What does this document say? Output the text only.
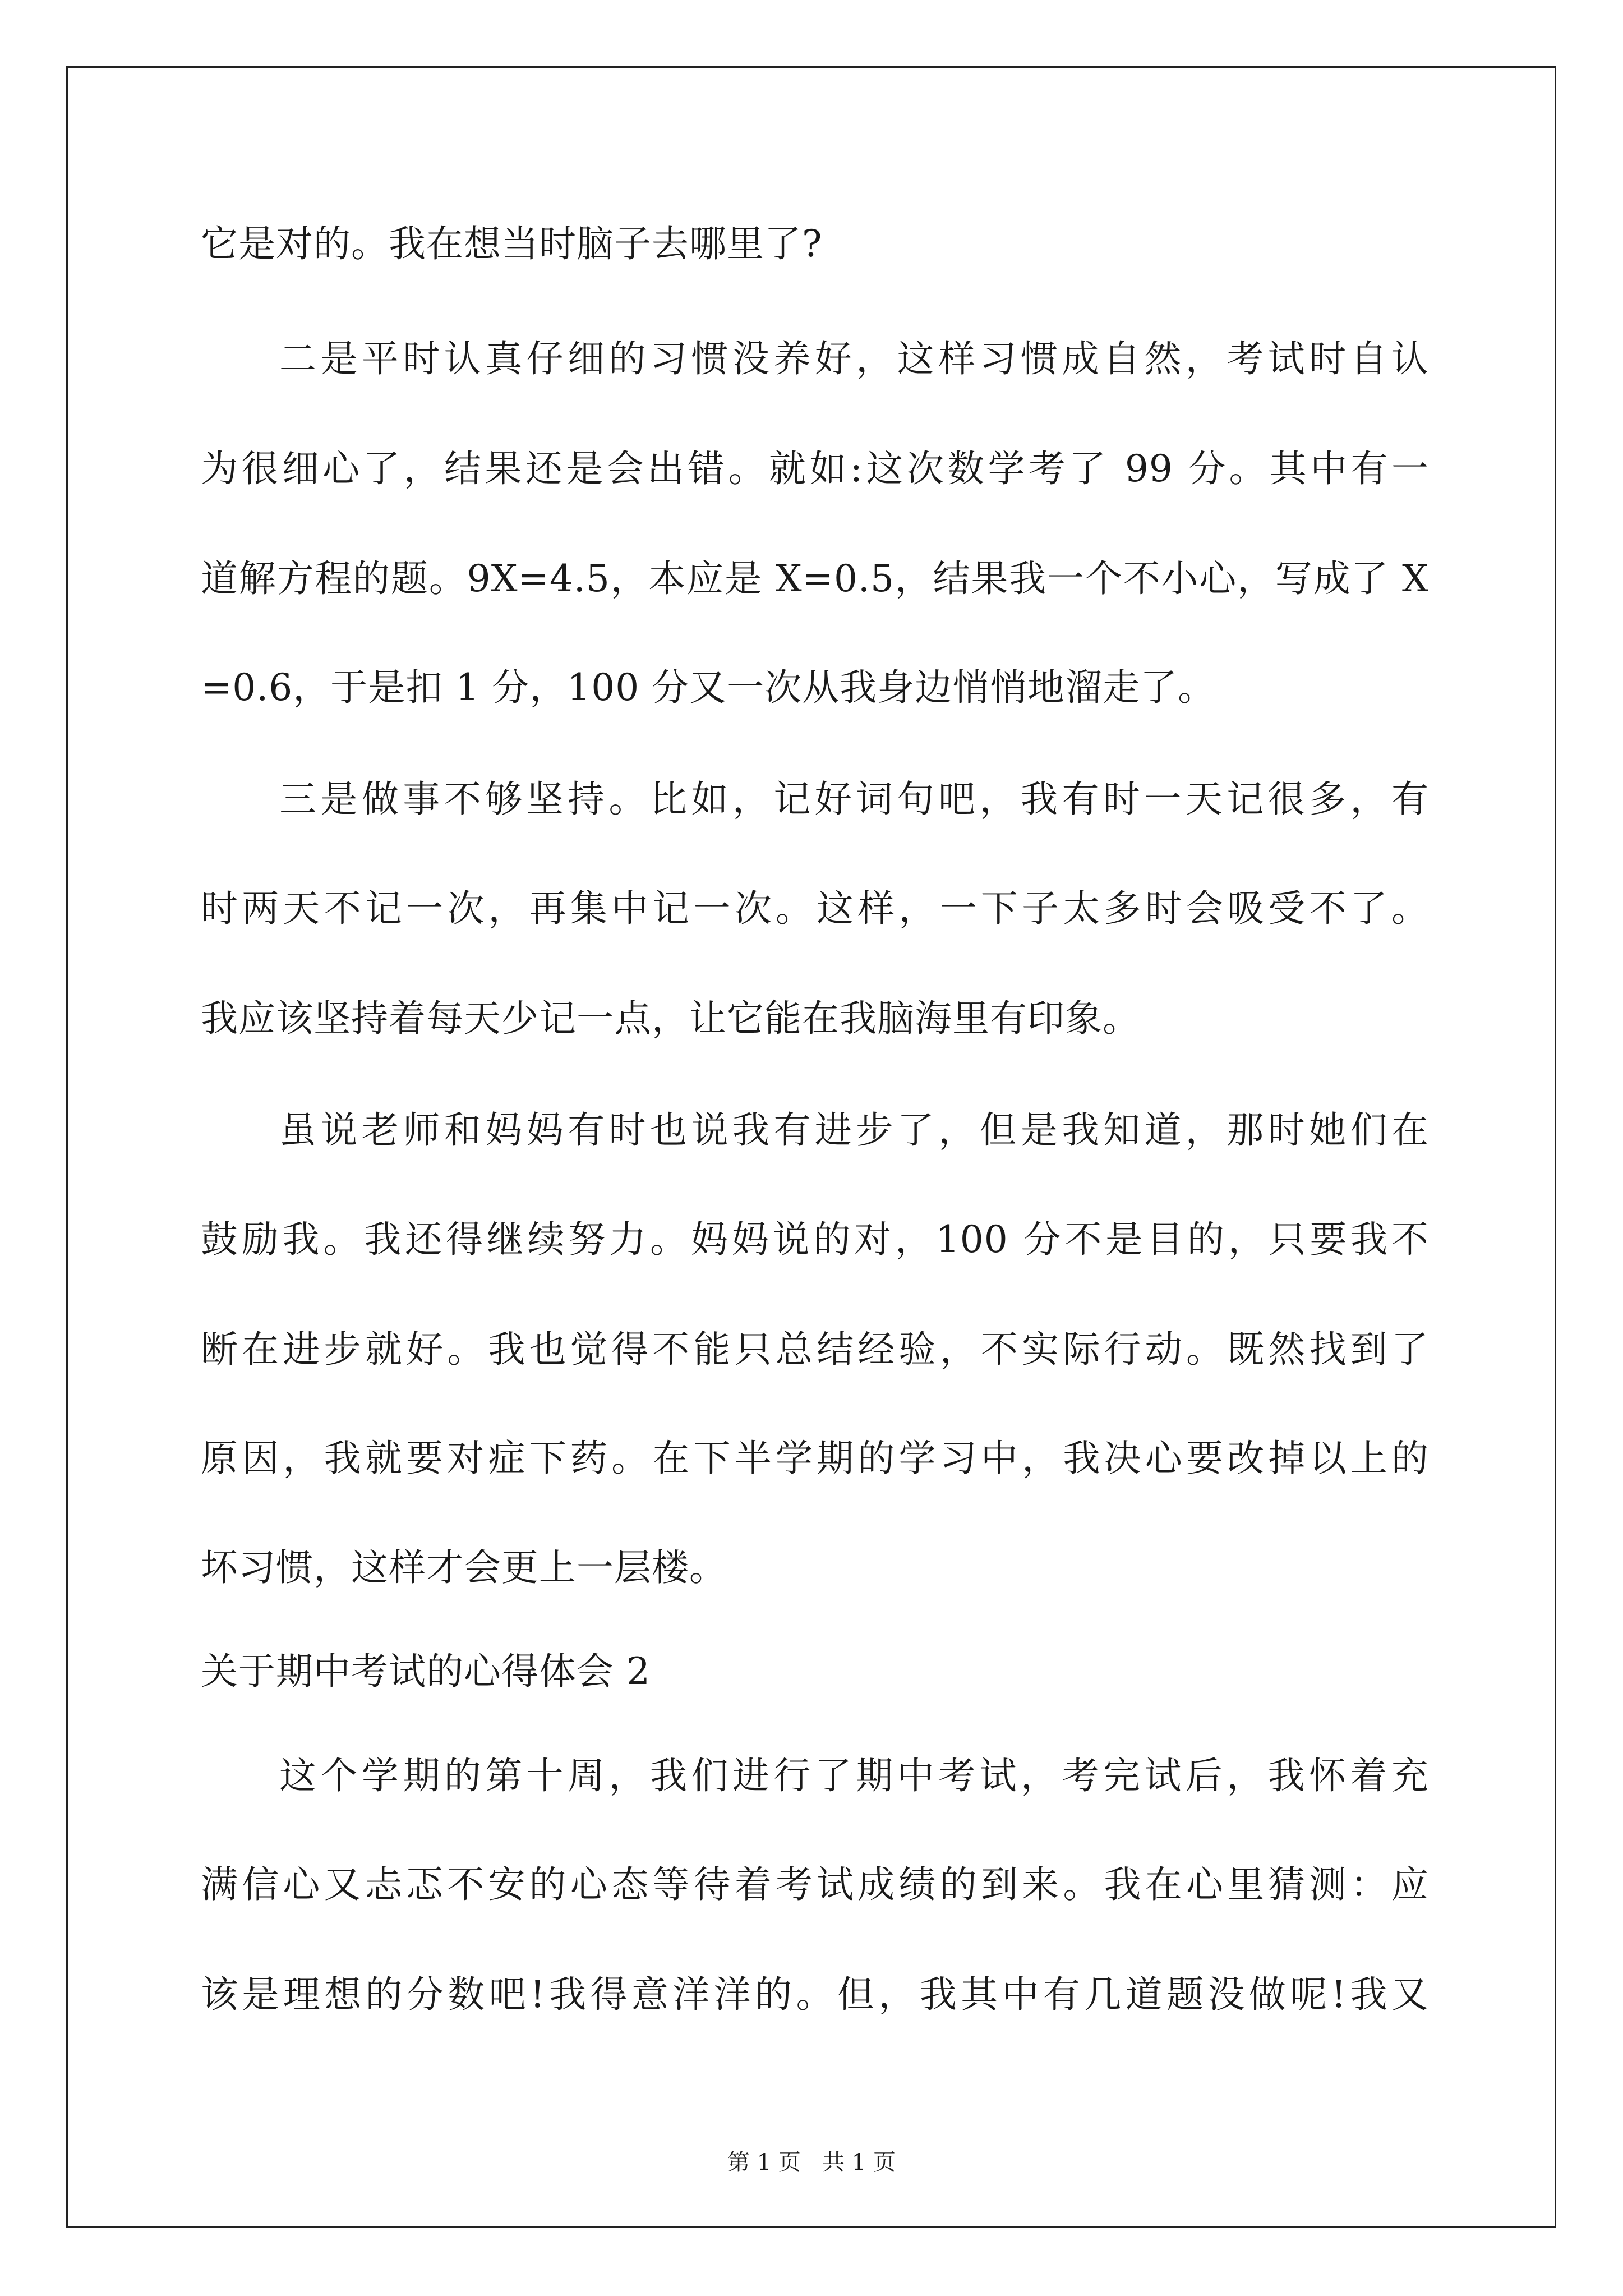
它是对的。我在想当时脑子去哪里了?
二是平时认真仔细的习惯没养好，这样习惯成自然，考试时自认
为很细心了，结果还是会出错。就如:这次数学考了 99 分。其中有一
道解方程的题。9X=4.5，本应是 X=0.5，结果我一个不小心，写成了 X
=0.6，于是扣 1 分，100 分又一次从我身边悄悄地溜走了。
三是做事不够坚持。比如，记好词句吧，我有时一天记很多，有
时两天不记一次，再集中记一次。这样，一下子太多时会吸受不了。
我应该坚持着每天少记一点，让它能在我脑海里有印象。
虽说老师和妈妈有时也说我有进步了，但是我知道，那时她们在
鼓励我。我还得继续努力。妈妈说的对，100 分不是目的，只要我不
断在进步就好。我也觉得不能只总结经验，不实际行动。既然找到了
原因，我就要对症下药。在下半学期的学习中，我决心要改掉以上的
坏习惯，这样才会更上一层楼。
关于期中考试的心得体会 2
这个学期的第十周，我们进行了期中考试，考完试后，我怀着充
满信心又忐忑不安的心态等待着考试成绩的到来。我在心里猜测：应
该是理想的分数吧!我得意洋洋的。但，我其中有几道题没做呢!我又
第 1 页   共 1 页
